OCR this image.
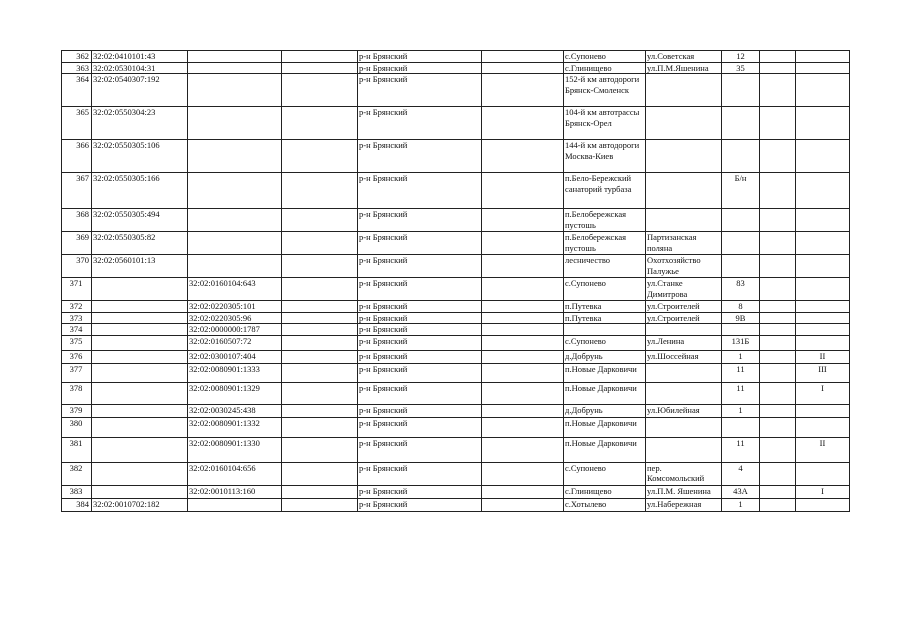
362	32:02:0410101:43			р-н Брянский		с.Супонево	ул.Советская	12		
363	32:02:0530104:31			р-н Брянский		с.Глинищево	ул.П.М.Яшенина	35		
364	32:02:0540307:192			р-н Брянский		152-й км автодороги Брянск-Смоленск				
365	32:02:0550304:23			р-н Брянский		104-й км автотрассы Брянск-Орел				
366	32:02:0550305:106			р-н Брянский		144-й км автодороги Москва-Киев				
367	32:02:0550305:166			р-н Брянский		п.Бело-Бережский санаторий турбаза		Б/н		
368	32:02:0550305:494			р-н Брянский		п.Белобережская пустошь				
369	32:02:0550305:82			р-н Брянский		п.Белобережская пустошь	Партизанская поляна			
370	32:02:0560101:13			р-н Брянский		лесничество	Охотхозяйство Палужье			
371		32:02:0160104:643		р-н Брянский		с.Супонево	ул.Станке Димитрова	83		
372		32:02:0220305:101		р-н Брянский		п.Путевка	ул.Строителей	8		
373		32:02:0220305:96		р-н Брянский		п.Путевка	ул.Строителей	9В		
374		32:02:0000000:1787		р-н Брянский						
375		32:02:0160507:72		р-н Брянский		с.Супонево	ул.Ленина	131Б		
376		32:02:0300107:404		р-н Брянский		д.Добрунь	ул.Шоссейная	1		II
377		32:02:0080901:1333		р-н Брянский		п.Новые Дарковичи		11		III
378		32:02:0080901:1329		р-н Брянский		п.Новые Дарковичи		11		I
379		32:02:0030245:438		р-н Брянский		д.Добрунь	ул.Юбилейная	1		
380		32:02:0080901:1332		р-н Брянский		п.Новые Дарковичи				
381		32:02:0080901:1330		р-н Брянский		п.Новые Дарковичи		11		II
382		32:02:0160104:656		р-н Брянский		с.Супонево	пер. Комсомольский	4		
383		32:02:0010113:160		р-н Брянский		с.Глинищево	ул.П.М. Яшенина	43А		I
384	32:02:0010702:182			р-н Брянский		с.Хотылево	ул.Набережная	1		
